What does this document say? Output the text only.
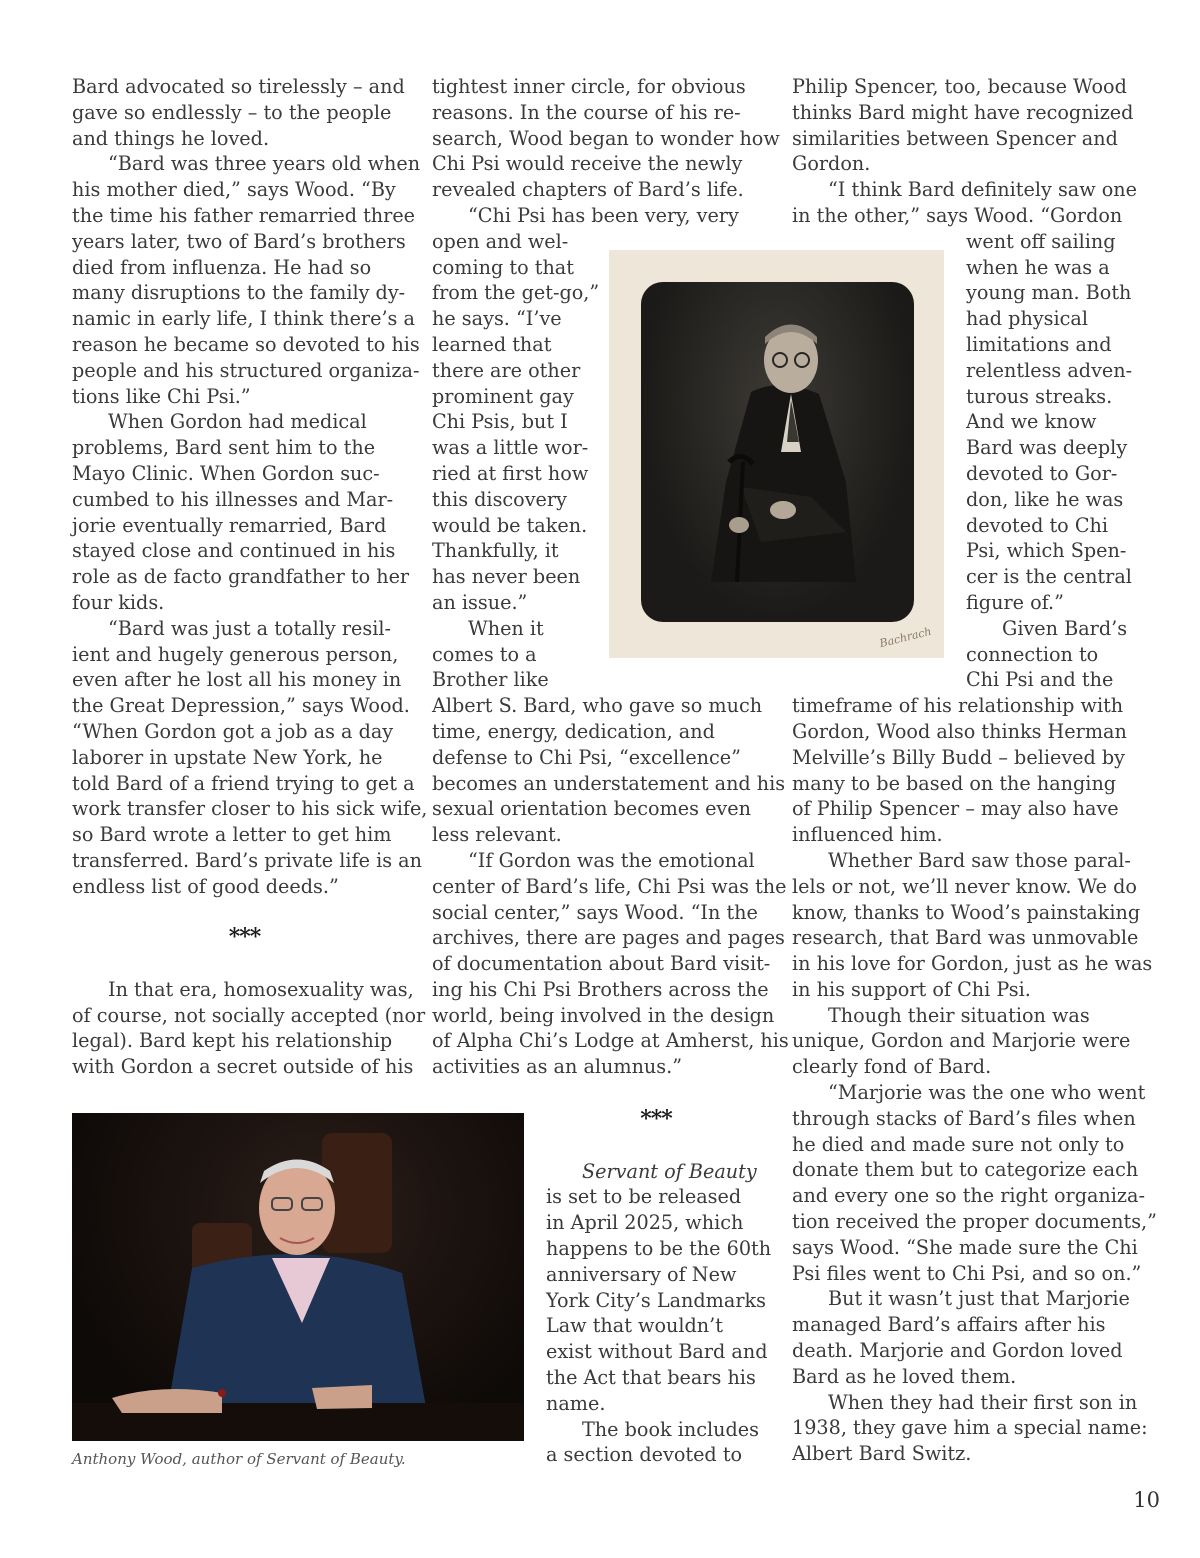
Bard advocated so tirelessly – and
gave so endlessly – to the people
and things he loved.
“Bard was three years old when
his mother died,” says Wood. “By
the time his father remarried three
years later, two of Bard’s brothers
died from influenza. He had so
many disruptions to the family dy-
namic in early life, I think there’s a
reason he became so devoted to his
people and his structured organiza-
tions like Chi Psi.”
When Gordon had medical
problems, Bard sent him to the
Mayo Clinic. When Gordon suc-
cumbed to his illnesses and Mar-
jorie eventually remarried, Bard
stayed close and continued in his
role as de facto grandfather to her
four kids.
“Bard was just a totally resil-
ient and hugely generous person,
even after he lost all his money in
the Great Depression,” says Wood.
“When Gordon got a job as a day
laborer in upstate New York, he
told Bard of a friend trying to get a
work transfer closer to his sick wife,
so Bard wrote a letter to get him
transferred. Bard’s private life is an
endless list of good deeds.”
***
In that era, homosexuality was,
of course, not socially accepted (nor
legal). Bard kept his relationship
with Gordon a secret outside of his
tightest inner circle, for obvious
reasons. In the course of his re-
search, Wood began to wonder how
Chi Psi would receive the newly
revealed chapters of Bard’s life.
“Chi Psi has been very, very
open and wel-
coming to that
from the get-go,”
he says. “I’ve
learned that
there are other
prominent gay
Chi Psis, but I
was a little wor-
ried at first how
this discovery
would be taken.
Thankfully, it
has never been
an issue.”
When it
comes to a
Brother like
Albert S. Bard, who gave so much
time, energy, dedication, and
defense to Chi Psi, “excellence”
becomes an understatement and his
sexual orientation becomes even
less relevant.
“If Gordon was the emotional
center of Bard’s life, Chi Psi was the
social center,” says Wood. “In the
archives, there are pages and pages
of documentation about Bard visit-
ing his Chi Psi Brothers across the
world, being involved in the design
of Alpha Chi’s Lodge at Amherst, his
activities as an alumnus.”
***
Servant of Beauty
is set to be released
in April 2025, which
happens to be the 60th
anniversary of New
York City’s Landmarks
Law that wouldn’t
exist without Bard and
the Act that bears his
name.
The book includes
a section devoted to
Philip Spencer, too, because Wood
thinks Bard might have recognized
similarities between Spencer and
Gordon.
“I think Bard definitely saw one
in the other,” says Wood. “Gordon
went off sailing
when he was a
young man. Both
had physical
limitations and
relentless adven-
turous streaks.
And we know
Bard was deeply
devoted to Gor-
don, like he was
devoted to Chi
Psi, which Spen-
cer is the central
figure of.”
Given Bard’s
connection to
Chi Psi and the
timeframe of his relationship with
Gordon, Wood also thinks Herman
Melville’s Billy Budd – believed by
many to be based on the hanging
of Philip Spencer – may also have
influenced him.
Whether Bard saw those paral-
lels or not, we’ll never know. We do
know, thanks to Wood’s painstaking
research, that Bard was unmovable
in his love for Gordon, just as he was
in his support of Chi Psi.
Though their situation was
unique, Gordon and Marjorie were
clearly fond of Bard.
“Marjorie was the one who went
through stacks of Bard’s files when
he died and made sure not only to
donate them but to categorize each
and every one so the right organiza-
tion received the proper documents,”
says Wood. “She made sure the Chi
Psi files went to Chi Psi, and so on.”
But it wasn’t just that Marjorie
managed Bard’s affairs after his
death. Marjorie and Gordon loved
Bard as he loved them.
When they had their first son in
1938, they gave him a special name:
Albert Bard Switz.
Bachrach
Anthony Wood, author of Servant of Beauty.
10
